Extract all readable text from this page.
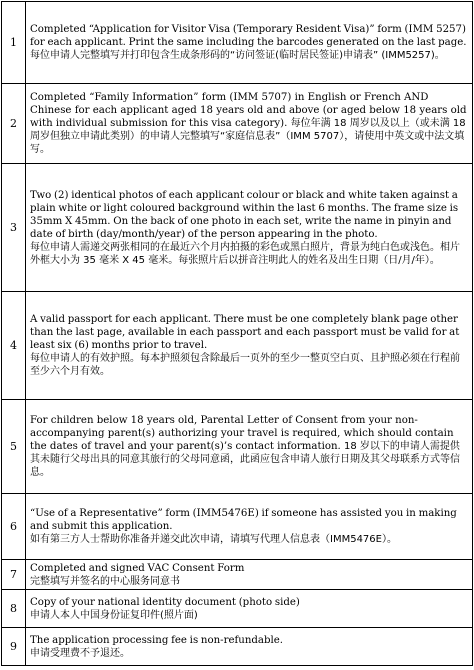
1	Completed “Application for Visitor Visa (Temporary Resident Visa)” form (IMM 5257) for each applicant. Print the same including the barcodes generated on the last page.
每位申请人完整填写并打印包含生成条形码的“访问签证(临时居民签证)申请表” (IMM5257)。

2	Completed “Family Information” form (IMM 5707) in English or French AND Chinese for each applicant aged 18 years old and above (or aged below 18 years old with individual submission for this visa category). 每位年满 18 周岁以及以上（或未满 18 周岁但独立申请此类别）的申请人完整填写“家庭信息表”（IMM 5707），请使用中英文或中法文填写。
3	Two (2) identical photos of each applicant colour or black and white taken against a plain white or light coloured background within the last 6 months. The frame size is 35mm X 45mm. On the back of one photo in each set, write the name in pinyin and date of birth (day/month/year) of the person appearing in the photo.
每位申请人需递交两张相同的在最近六个月内拍摄的彩色或黑白照片，背景为纯白色或浅色。相片外框大小为 35 毫米 X 45 毫米。每张照片后以拼音注明此人的姓名及出生日期（日/月/年）。

4	A valid passport for each applicant. There must be one completely blank page other than the last page, available in each passport and each passport must be valid for at least six (6) months prior to travel.
每位申请人的有效护照。每本护照须包含除最后一页外的至少一整页空白页、且护照必须在行程前至少六个月有效。

5	For children below 18 years old, Parental Letter of Consent from your non-accompanying parent(s) authorizing your travel is required, which should contain the dates of travel and your parent(s)’s contact information. 18 岁以下的申请人需提供其未随行父母出具的同意其旅行的父母同意函，此函应包含申请人旅行日期及其父母联系方式等信息。
6	“Use of a Representative” form (IMM5476E) if someone has assisted you in making and submit this application.
如有第三方人士帮助你准备并递交此次申请，请填写代理人信息表（IMM5476E）。

7	Completed and signed VAC Consent Form
完整填写并签名的中心服务同意书

8	Copy of your national identity document (photo side)
申请人本人中国身份证复印件(照片面)

9	The application processing fee is non-refundable.
申请受理费不予退还。
